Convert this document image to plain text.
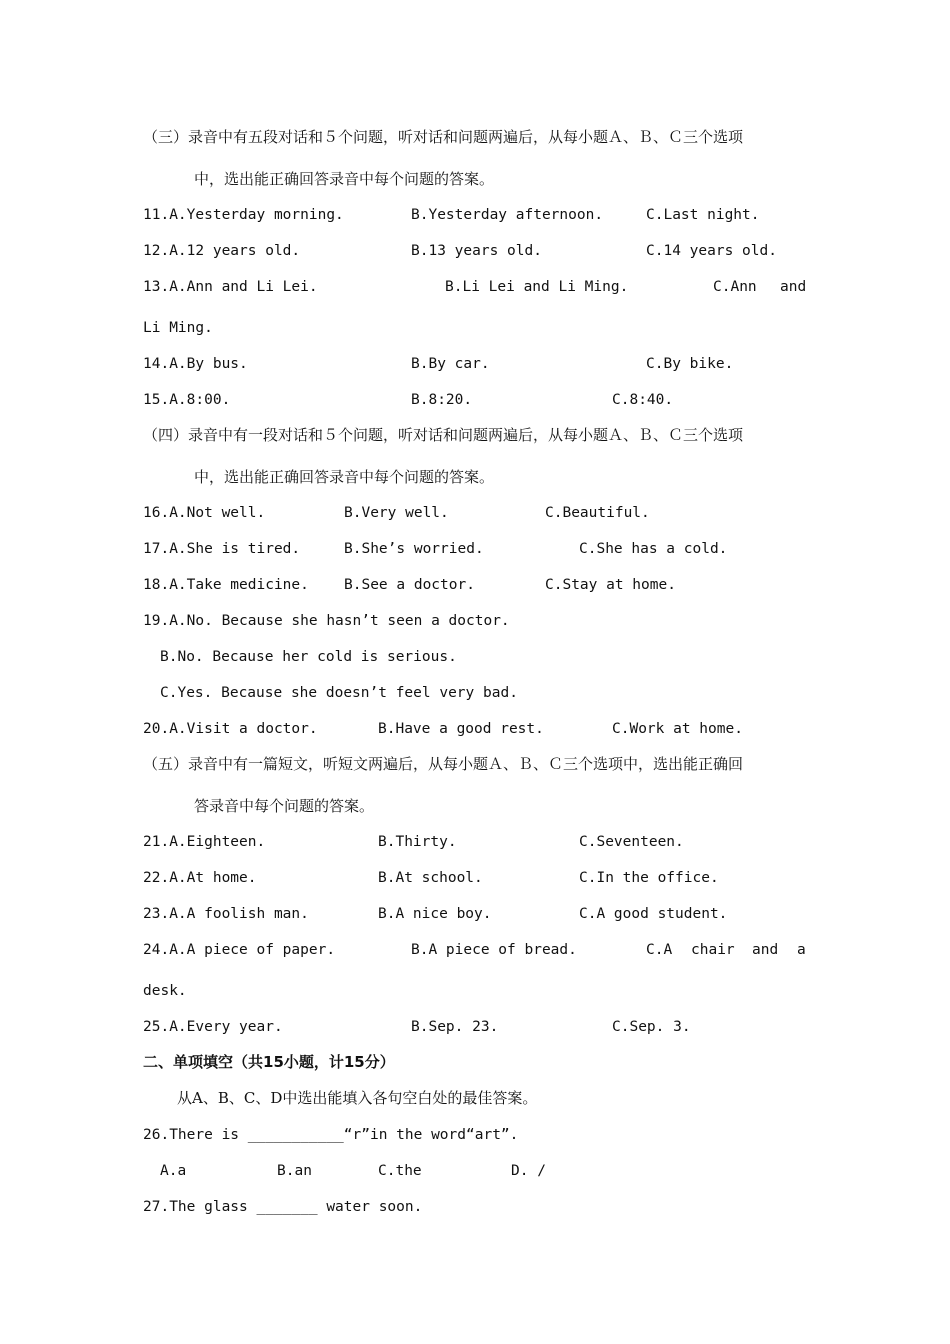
（三）录音中有五段对话和５个问题，听对话和问题两遍后，从每小题Ａ、Ｂ、Ｃ三个选项
中，选出能正确回答录音中每个问题的答案。
11.A.Yesterday morning.	B.Yesterday afternoon.	C.Last night.
12.A.12 years old.	B.13 years old.	C.14 years old.
13.A.Ann and Li Lei.	B.Li Lei and Li Ming.	C.Ann and
Li Ming.
14.A.By bus.	B.By car.	C.By bike.
15.A.8:00.	B.8:20.	C.8:40.
（四）录音中有一段对话和５个问题，听对话和问题两遍后，从每小题Ａ、Ｂ、Ｃ三个选项
中，选出能正确回答录音中每个问题的答案。
16.A.Not well.	B.Very well.	C.Beautiful.
17.A.She is tired.	B.She’s worried.	C.She has a cold.
18.A.Take medicine. B.See a doctor.	C.Stay at home.
19.A.No. Because she hasn’t seen a doctor.
B.No. Because her cold is serious.
C.Yes. Because she doesn’t feel very bad.
20.A.Visit a doctor.	B.Have a good rest.	C.Work at home.
（五）录音中有一篇短文，听短文两遍后，从每小题Ａ、Ｂ、Ｃ三个选项中，选出能正确回
答录音中每个问题的答案。
21.A.Eighteen.	B.Thirty.	C.Seventeen.
22.A.At home.	B.At school.	C.In the office.
23.A.A foolish man.	B.A nice boy.	C.A good student.
24.A.A piece of paper.	B.A piece of bread.	C.A chair and a
desk.
25.A.Every year.	B.Sep. 23.	C.Sep. 3.
二、单项填空（共15小题，计15分）
从A、B、C、D中选出能填入各句空白处的最佳答案。
26.There is ___________“r”in the word“art”.
A.a	B.an	C.the	D. /
27.The glass _______ water soon.
